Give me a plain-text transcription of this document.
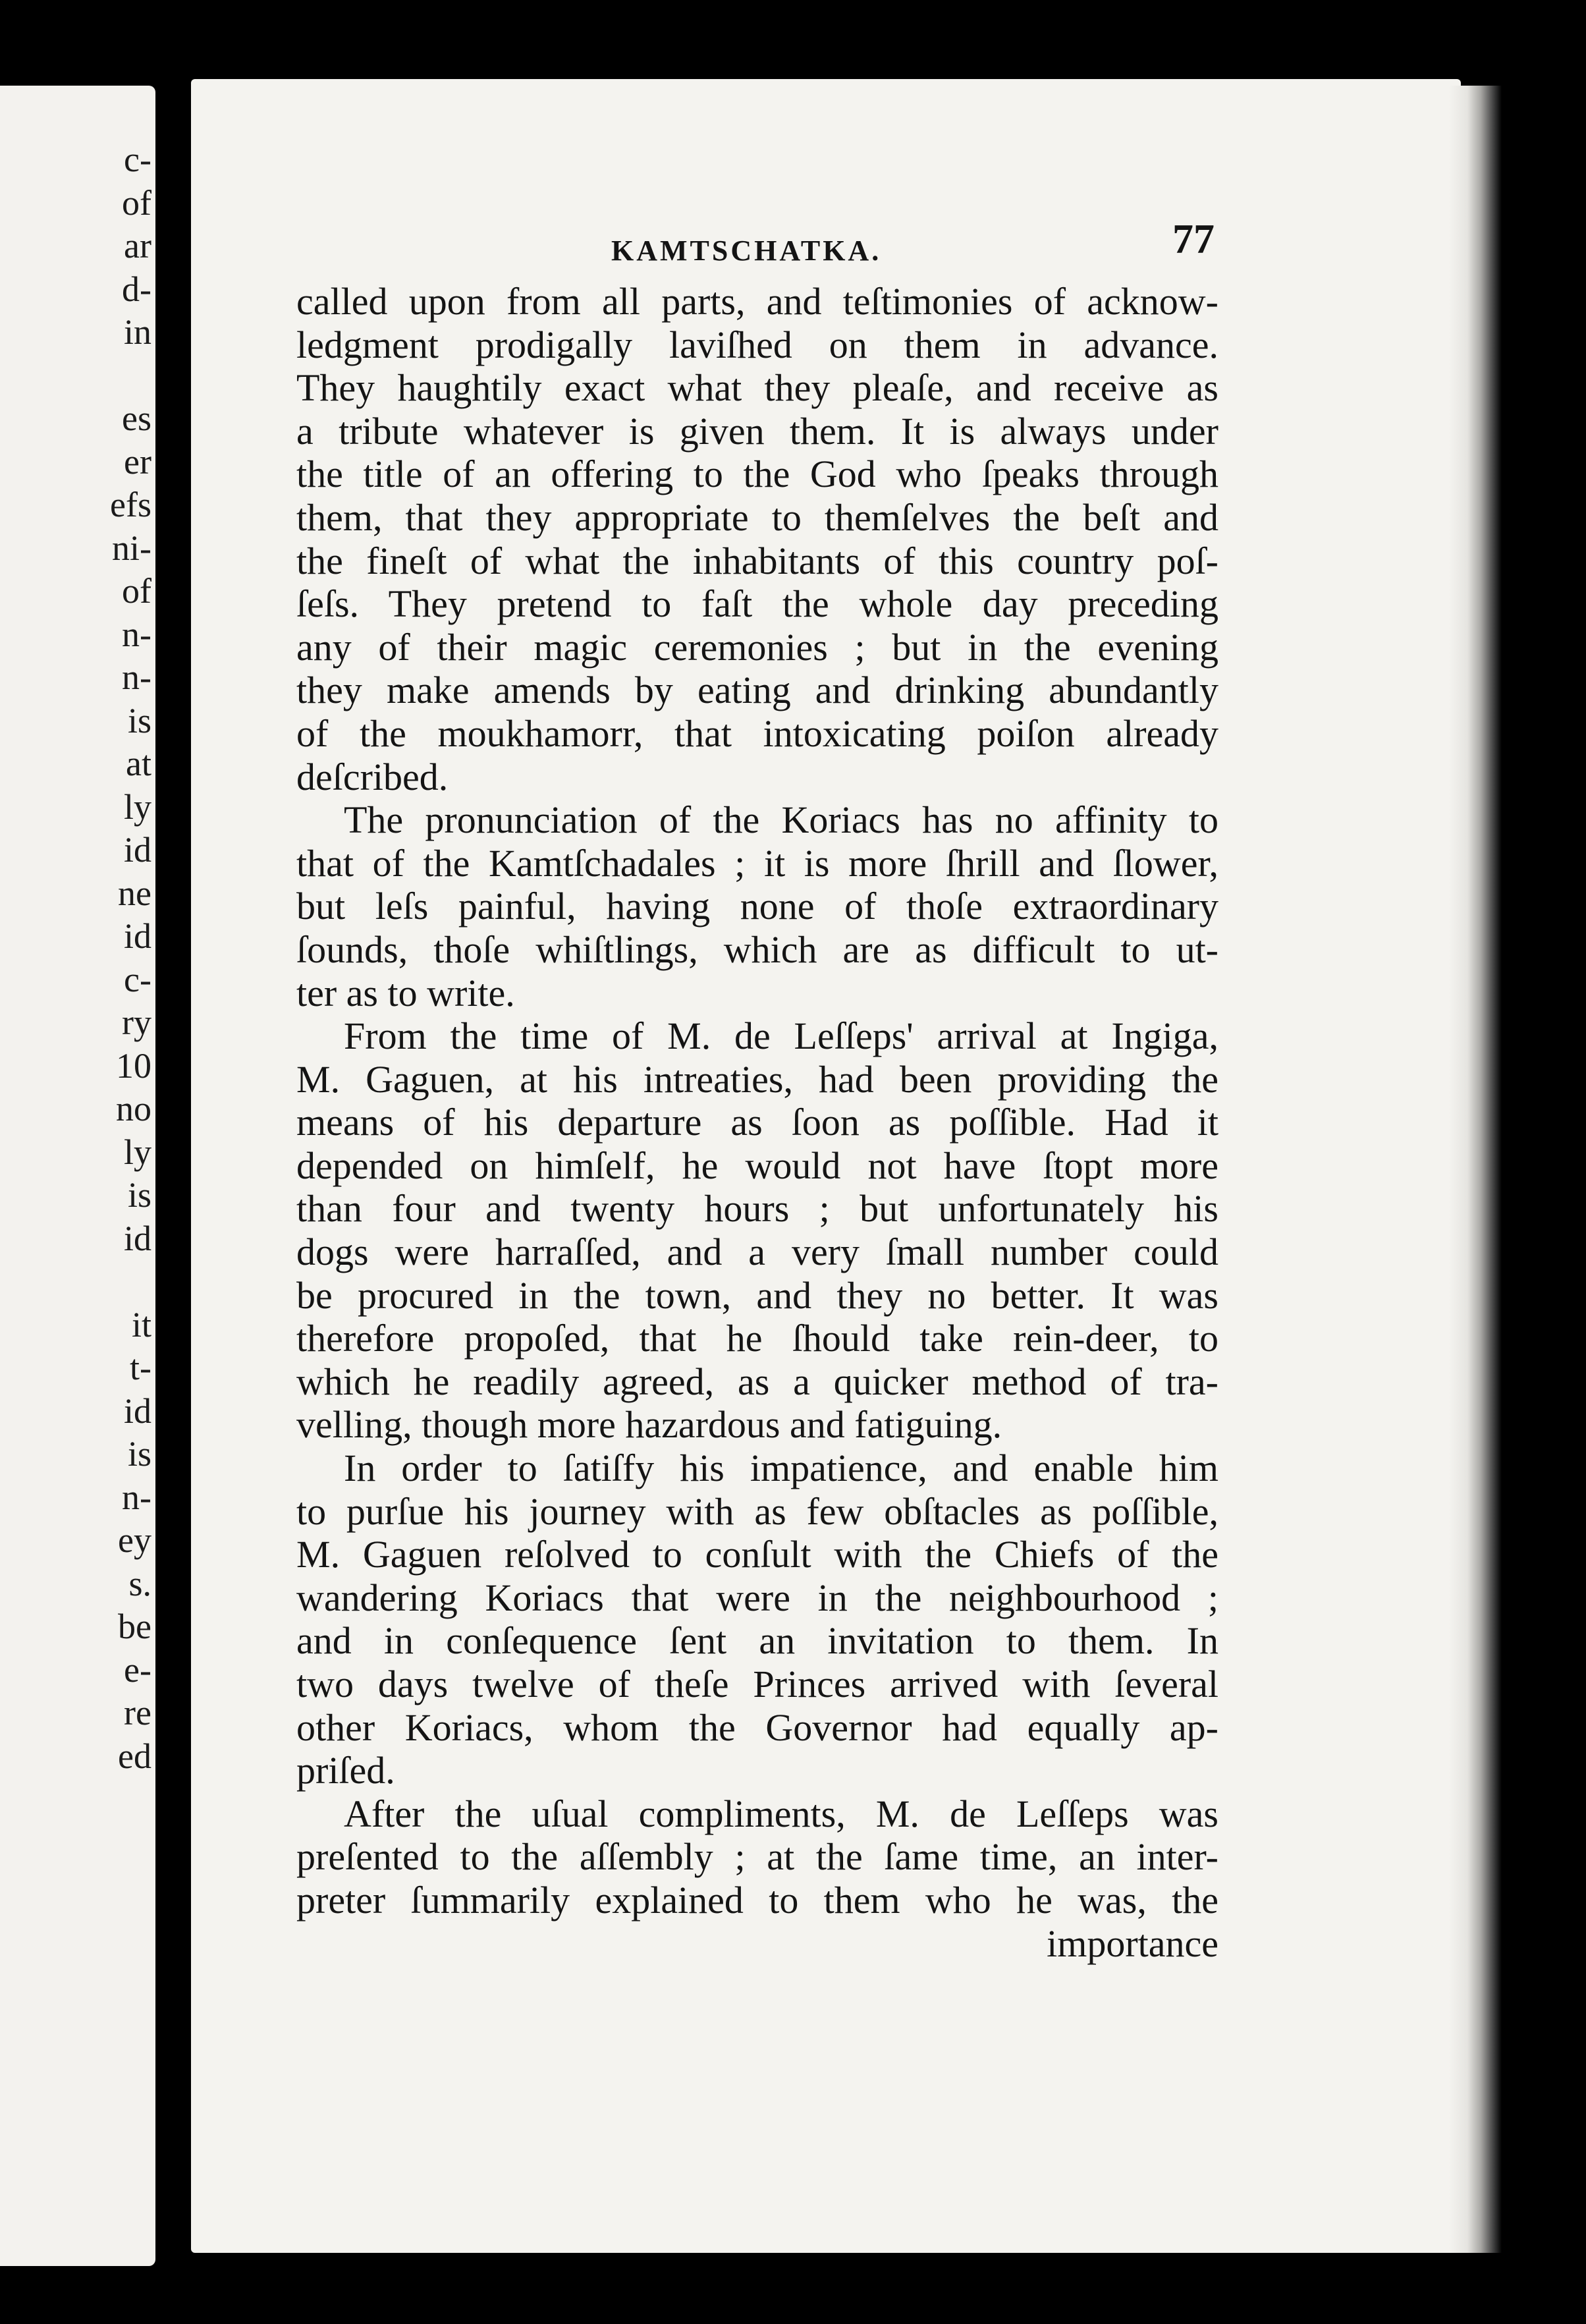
c-
of
ar
d-
in

es
er
efs
ni-
of
n-
n-
is
at
ly
id
ne
id
c-
ry
10
no
ly
is
id

it
t-
id
is
n-
ey
s.
be
e-
re
ed
KAMTSCHATKA.	77
called upon from all parts, and teſtimonies of acknow-
ledgment prodigally laviſhed on them in advance.
They haughtily exact what they pleaſe, and receive as
a tribute whatever is given them. It is always under
the title of an offering to the God who ſpeaks through
them, that they appropriate to themſelves the beſt and
the fineſt of what the inhabitants of this country poſ-
ſeſs. They pretend to faſt the whole day preceding
any of their magic ceremonies ; but in the evening
they make amends by eating and drinking abundantly
of the moukhamorr, that intoxicating poiſon already
deſcribed.
The pronunciation of the Koriacs has no affinity to
that of the Kamtſchadales ; it is more ſhrill and ſlower,
but leſs painful, having none of thoſe extraordinary
ſounds, thoſe whiſtlings, which are as difficult to ut-
ter as to write.
From the time of M. de Leſſeps' arrival at Ingiga,
M. Gaguen, at his intreaties, had been providing the
means of his departure as ſoon as poſſible. Had it
depended on himſelf, he would not have ſtopt more
than four and twenty hours ; but unfortunately his
dogs were harraſſed, and a very ſmall number could
be procured in the town, and they no better. It was
therefore propoſed, that he ſhould take rein-deer, to
which he readily agreed, as a quicker method of tra-
velling, though more hazardous and fatiguing.
In order to ſatiſfy his impatience, and enable him
to purſue his journey with as few obſtacles as poſſible,
M. Gaguen reſolved to conſult with the Chiefs of the
wandering Koriacs that were in the neighbourhood ;
and in conſequence ſent an invitation to them. In
two days twelve of theſe Princes arrived with ſeveral
other Koriacs, whom the Governor had equally ap-
priſed.
After the uſual compliments, M. de Leſſeps was
preſented to the aſſembly ; at the ſame time, an inter-
preter ſummarily explained to them who he was, the
importance
